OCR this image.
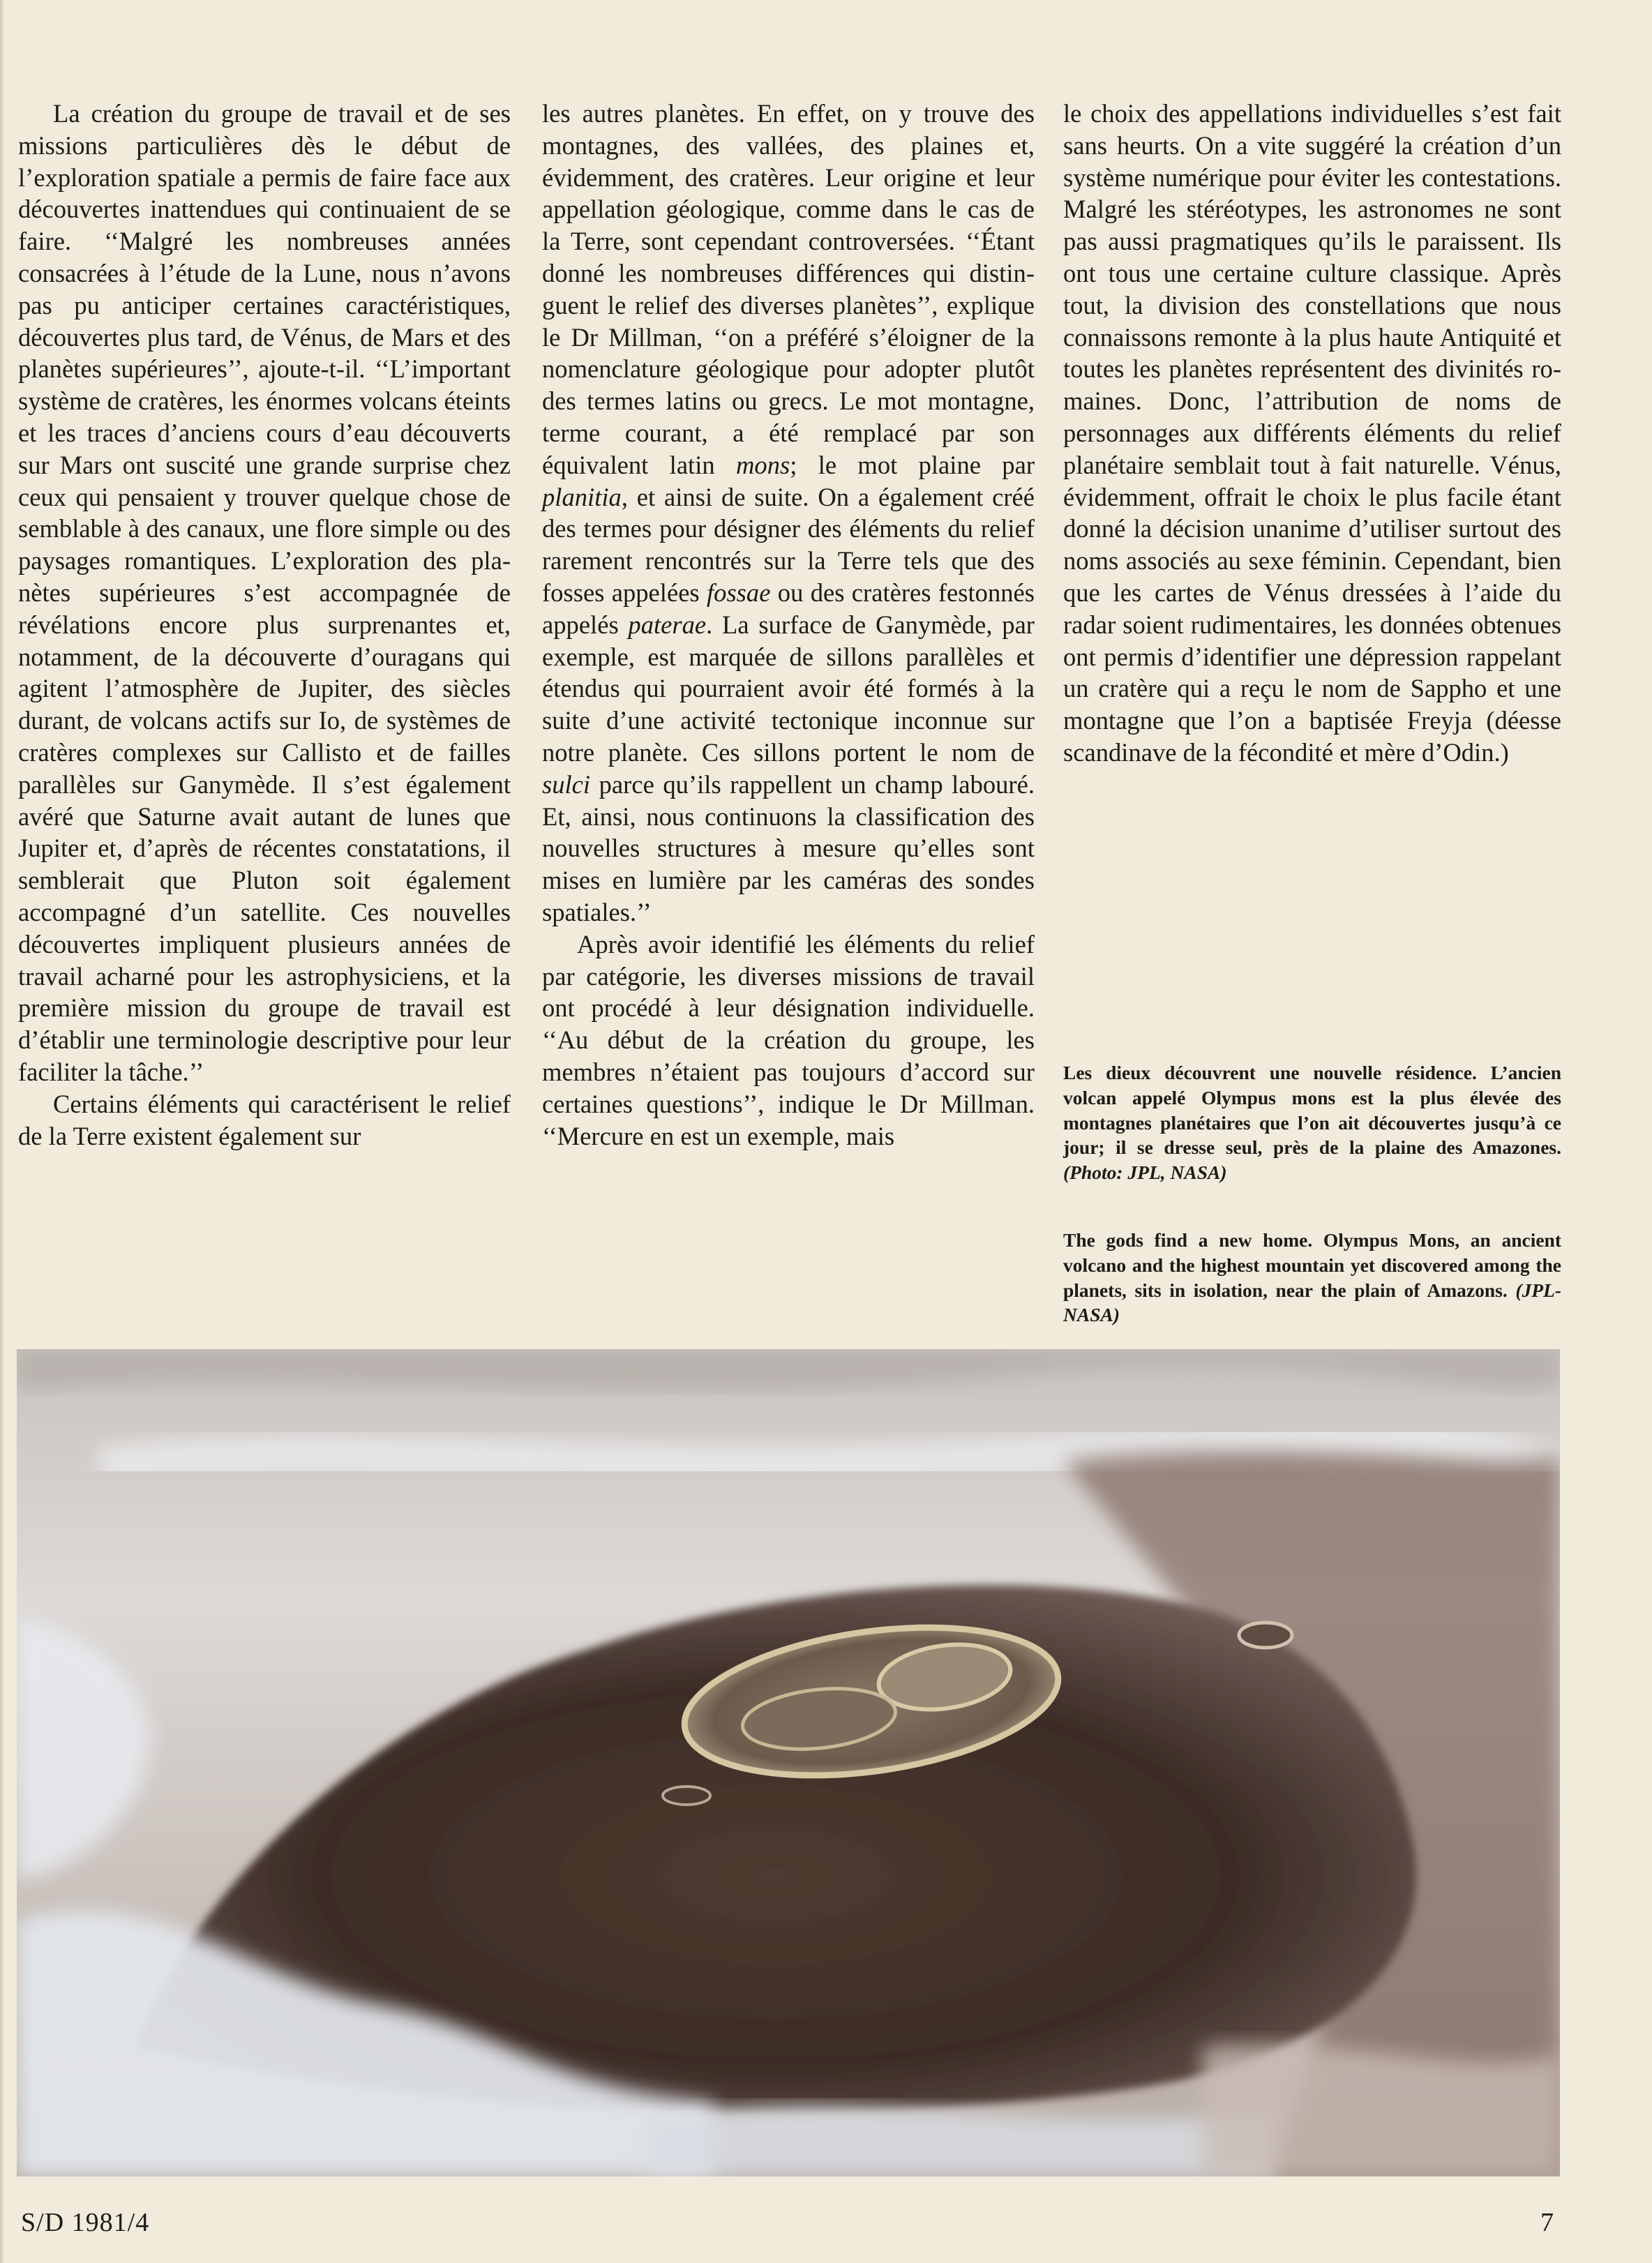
La création du groupe de travail et de ses missions particulières dès le début de l’exploration spatiale a permis de faire face aux découvertes inattendues qui continuaient de se faire. ‘‘Malgré les nombreuses années consacrées à l’étude de la Lune, nous n’avons pas pu anticiper certaines caractéristiques, découvertes plus tard, de Vénus, de Mars et des planètes supérieures’’, ajoute-t-il. ‘‘L’important système de cratères, les énormes volcans éteints et les traces d’anciens cours d’eau découverts sur Mars ont suscité une grande surprise chez ceux qui pensaient y trouver quelque chose de semblable à des canaux, une flore simple ou des paysages romantiques. L’exploration des planètes supérieures s’est accompagnée de révélations encore plus surprenantes et, notamment, de la découverte d’ouragans qui agitent l’atmosphère de Jupiter, des siècles durant, de volcans actifs sur Io, de systèmes de cratères complexes sur Callisto et de failles parallèles sur Ganymède. Il s’est également avéré que Saturne avait autant de lunes que Jupiter et, d’après de récentes constatations, il semblerait que Pluton soit également accompagné d’un satellite. Ces nouvelles découvertes impliquent plusieurs années de travail acharné pour les astrophysiciens, et la première mission du groupe de travail est d’établir une terminologie descriptive pour leur faciliter la tâche.’’

Certains éléments qui caractérisent le relief de la Terre existent également sur

les autres planètes. En effet, on y trouve des montagnes, des vallées, des plaines et, évidemment, des cratères. Leur origine et leur appellation géologique, comme dans le cas de la Terre, sont cependant controversées. ‘‘Étant donné les nombreuses différences qui distinguent le relief des diverses planètes’’, explique le Dr Millman, ‘‘on a préféré s’éloigner de la nomenclature géologique pour adopter plutôt des termes latins ou grecs. Le mot montagne, terme courant, a été remplacé par son équivalent latin mons; le mot plaine par planitia, et ainsi de suite. On a également créé des termes pour désigner des éléments du relief rarement rencontrés sur la Terre tels que des fosses appelées fossae ou des cratères festonnés appelés paterae. La surface de Ganymède, par exemple, est marquée de sillons parallèles et étendus qui pourraient avoir été formés à la suite d’une activité tectonique inconnue sur notre planète. Ces sillons portent le nom de sulci parce qu’ils rappellent un champ labouré. Et, ainsi, nous continuons la classification des nouvelles structures à mesure qu’elles sont mises en lumière par les caméras des sondes spatiales.’’

Après avoir identifié les éléments du relief par catégorie, les diverses missions de travail ont procédé à leur désignation individuelle. ‘‘Au début de la création du groupe, les membres n’étaient pas toujours d’accord sur certaines questions’’, indique le Dr Millman. ‘‘Mercure en est un exemple, mais

le choix des appellations individuelles s’est fait sans heurts. On a vite suggéré la création d’un système numérique pour éviter les contestations. Malgré les stéréotypes, les astronomes ne sont pas aussi pragmatiques qu’ils le paraissent. Ils ont tous une certaine culture classique. Après tout, la division des constellations que nous connaissons remonte à la plus haute Antiquité et toutes les planètes représentent des divinités romaines. Donc, l’attribution de noms de personnages aux différents éléments du relief planétaire semblait tout à fait naturelle. Vénus, évidemment, offrait le choix le plus facile étant donné la décision unanime d’utiliser surtout des noms associés au sexe féminin. Cependant, bien que les cartes de Vénus dressées à l’aide du radar soient rudimentaires, les données obtenues ont permis d’identifier une dépression rappelant un cratère qui a reçu le nom de Sappho et une montagne que l’on a baptisée Freyja (déesse scandinave de la fécondité et mère d’Odin.)

Les dieux découvrent une nouvelle résidence. L’ancien volcan appelé Olympus mons est la plus élevée des montagnes planétaires que l’on ait découvertes jusqu’à ce jour; il se dresse seul, près de la plaine des Amazones. (Photo: JPL, NASA)

The gods find a new home. Olympus Mons, an ancient volcano and the highest mountain yet discovered among the planets, sits in isolation, near the plain of Amazons. (JPL-NASA)

S/D 1981/4	7
